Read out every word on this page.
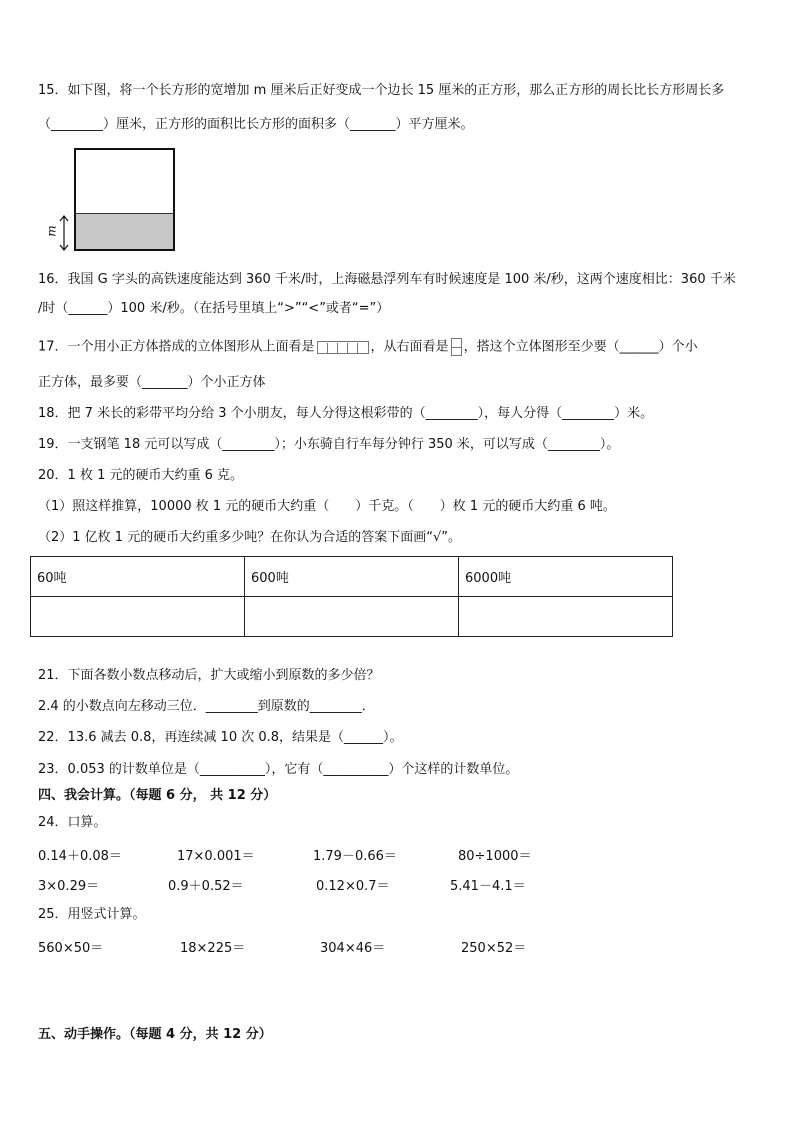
15．如下图，将一个长方形的宽增加 m 厘米后正好变成一个边长 15 厘米的正方形，那么正方形的周长比长方形周长多
（________）厘米，正方形的面积比长方形的面积多（_______）平方厘米。
m
16．我国 G 字头的高铁速度能达到 360 千米/时，上海磁悬浮列车有时候速度是 100 米/秒，这两个速度相比：360 千米
/时（______）100 米/秒。（在括号里填上“>”“<”或者“=”）
17．一个用小正方体搭成的立体图形从上面看是	，从右面看是 ，搭这个立体图形至少要（______）个小
正方体，最多要（_______）个小正方体
18．把 7 米长的彩带平均分给 3 个小朋友，每人分得这根彩带的（________），每人分得（________）米。
19．一支钢笔 18 元可以写成（________）；小东骑自行车每分钟行 350 米，可以写成（________）。
20．1 枚 1 元的硬币大约重 6 克。
（1）照这样推算，10000 枚 1 元的硬币大约重（　　）千克。（　　）枚 1 元的硬币大约重 6 吨。
（2）1 亿枚 1 元的硬币大约重多少吨？在你认为合适的答案下面画“√”。
60吨	600吨	6000吨

21．下面各数小数点移动后，扩大或缩小到原数的多少倍？
2.4 的小数点向左移动三位．________到原数的________．
22．13.6 减去 0.8，再连续减 10 次 0.8，结果是（______）。
23．0.053 的计数单位是（__________），它有（__________）个这样的计数单位。
四、我会计算。（每题 6 分， 共 12 分）
24．口算。
0.14＋0.08＝	17×0.001＝	1.79－0.66＝	80÷1000＝
3×0.29＝	0.9＋0.52＝	0.12×0.7＝	5.41－4.1＝
25．用竖式计算。
560×50＝	18×225＝	304×46＝	250×52＝
五、动手操作。（每题 4 分，共 12 分）
